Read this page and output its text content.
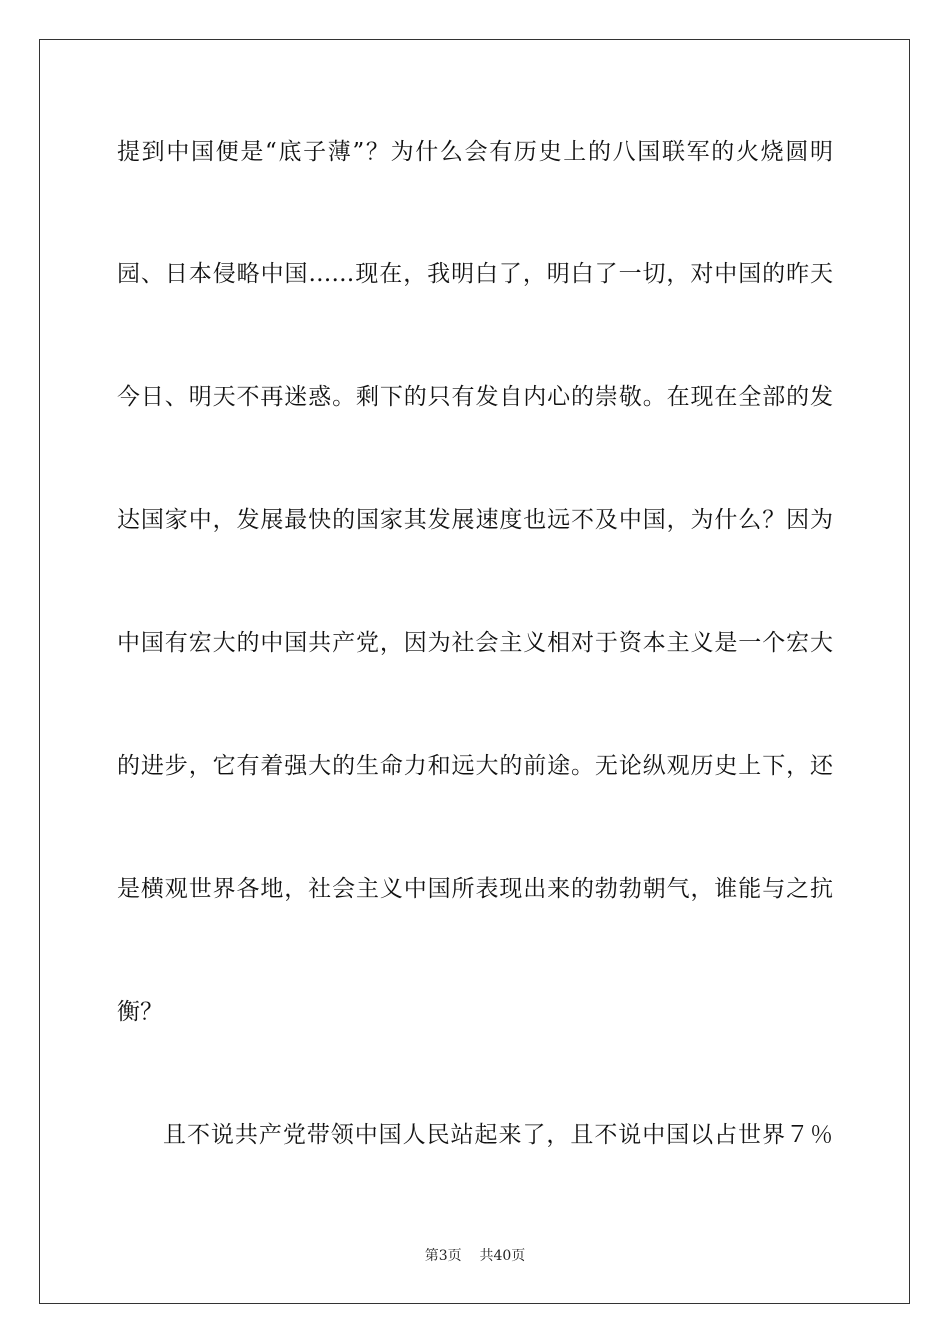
提到中国便是“底子薄”？为什么会有历史上的八国联军的火烧圆明
园、日本侵略中国……现在，我明白了，明白了一切，对中国的昨天
今日、明天不再迷惑。剩下的只有发自内心的崇敬。在现在全部的发
达国家中，发展最快的国家其发展速度也远不及中国，为什么？因为
中国有宏大的中国共产党，因为社会主义相对于资本主义是一个宏大
的进步，它有着强大的生命力和远大的前途。无论纵观历史上下，还
是横观世界各地，社会主义中国所表现出来的勃勃朝气，谁能与之抗
衡？
且不说共产党带领中国人民站起来了，且不说中国以占世界７％
第3页 共40页
